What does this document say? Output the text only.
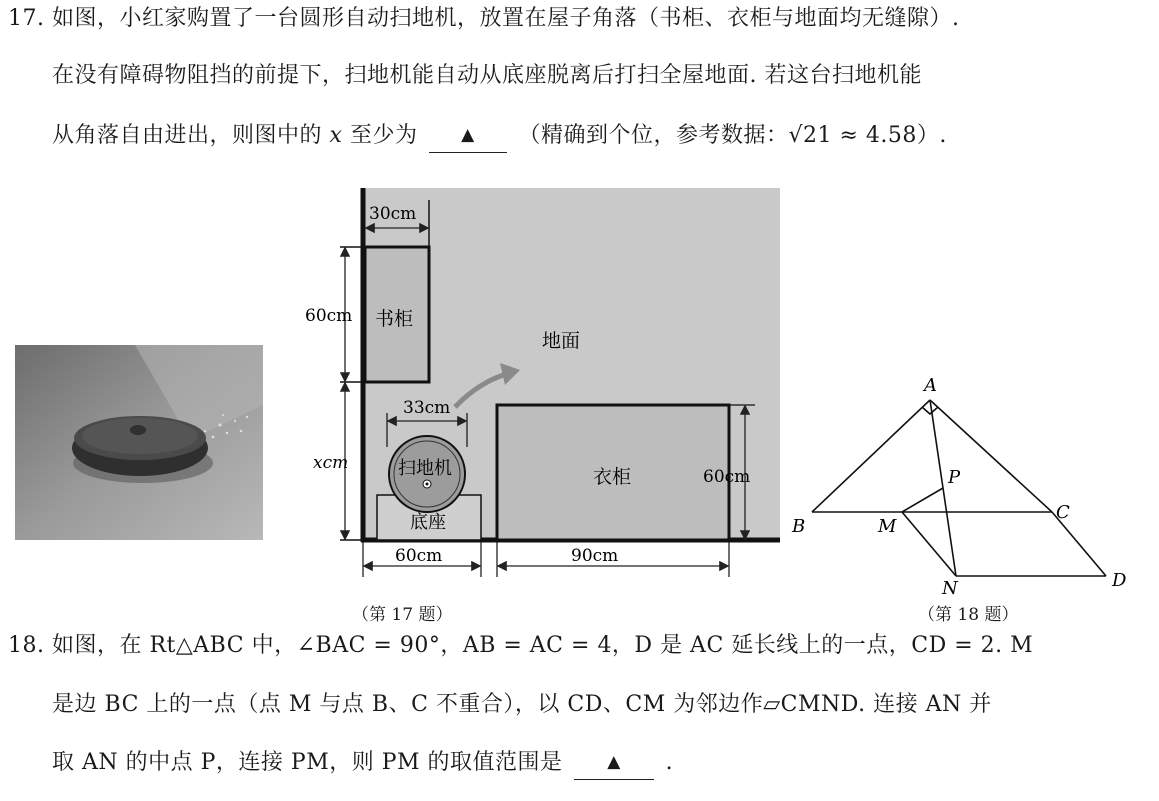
17. 如图，小红家购置了一台圆形自动扫地机，放置在屋子角落（书柜、衣柜与地面均无缝隙）.
在没有障碍物阻挡的前提下，扫地机能自动从底座脱离后打扫全屋地面. 若这台扫地机能
从角落自由进出，则图中的 x 至少为	▲ （精确到个位，参考数据：√21 ≈ 4.58）.
书柜
30cm
60cm
xcm
地面
33cm
底座
扫地机	衣柜	60cm
60cm	90cm
（第 17 题）
A
B
C
D
M
N
P
（第 18 题）
18. 如图，在 Rt△ABC 中，∠BAC = 90°，AB = AC = 4，D 是 AC 延长线上的一点，CD = 2. M
是边 BC 上的一点（点 M 与点 B、C 不重合），以 CD、CM 为邻边作▱CMND. 连接 AN 并
取 AN 的中点 P，连接 PM，则 PM 的取值范围是	▲ .
